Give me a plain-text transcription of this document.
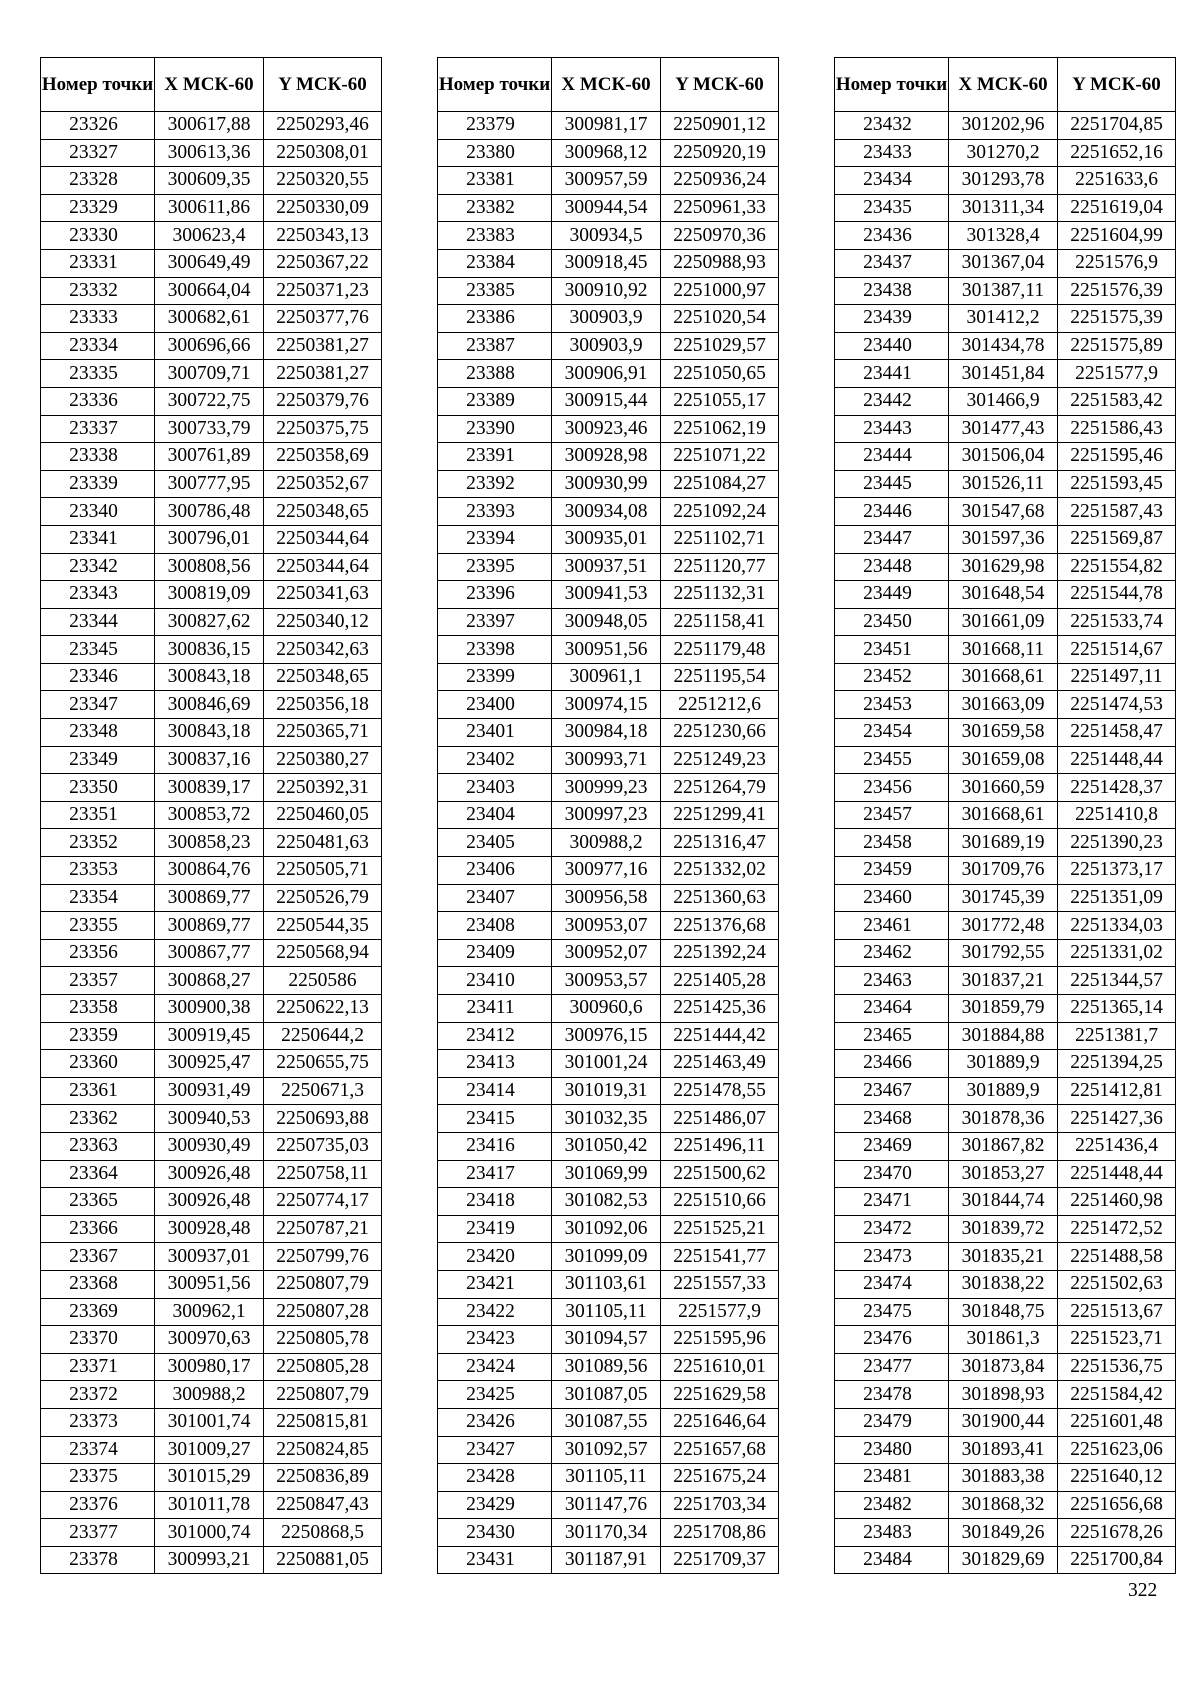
Номер точки	X МСК-60	Y МСК-60
23326	300617,88	2250293,46
23327	300613,36	2250308,01
23328	300609,35	2250320,55
23329	300611,86	2250330,09
23330	300623,4	2250343,13
23331	300649,49	2250367,22
23332	300664,04	2250371,23
23333	300682,61	2250377,76
23334	300696,66	2250381,27
23335	300709,71	2250381,27
23336	300722,75	2250379,76
23337	300733,79	2250375,75
23338	300761,89	2250358,69
23339	300777,95	2250352,67
23340	300786,48	2250348,65
23341	300796,01	2250344,64
23342	300808,56	2250344,64
23343	300819,09	2250341,63
23344	300827,62	2250340,12
23345	300836,15	2250342,63
23346	300843,18	2250348,65
23347	300846,69	2250356,18
23348	300843,18	2250365,71
23349	300837,16	2250380,27
23350	300839,17	2250392,31
23351	300853,72	2250460,05
23352	300858,23	2250481,63
23353	300864,76	2250505,71
23354	300869,77	2250526,79
23355	300869,77	2250544,35
23356	300867,77	2250568,94
23357	300868,27	2250586
23358	300900,38	2250622,13
23359	300919,45	2250644,2
23360	300925,47	2250655,75
23361	300931,49	2250671,3
23362	300940,53	2250693,88
23363	300930,49	2250735,03
23364	300926,48	2250758,11
23365	300926,48	2250774,17
23366	300928,48	2250787,21
23367	300937,01	2250799,76
23368	300951,56	2250807,79
23369	300962,1	2250807,28
23370	300970,63	2250805,78
23371	300980,17	2250805,28
23372	300988,2	2250807,79
23373	301001,74	2250815,81
23374	301009,27	2250824,85
23375	301015,29	2250836,89
23376	301011,78	2250847,43
23377	301000,74	2250868,5
23378	300993,21	2250881,05
Номер точки	X МСК-60	Y МСК-60
23379	300981,17	2250901,12
23380	300968,12	2250920,19
23381	300957,59	2250936,24
23382	300944,54	2250961,33
23383	300934,5	2250970,36
23384	300918,45	2250988,93
23385	300910,92	2251000,97
23386	300903,9	2251020,54
23387	300903,9	2251029,57
23388	300906,91	2251050,65
23389	300915,44	2251055,17
23390	300923,46	2251062,19
23391	300928,98	2251071,22
23392	300930,99	2251084,27
23393	300934,08	2251092,24
23394	300935,01	2251102,71
23395	300937,51	2251120,77
23396	300941,53	2251132,31
23397	300948,05	2251158,41
23398	300951,56	2251179,48
23399	300961,1	2251195,54
23400	300974,15	2251212,6
23401	300984,18	2251230,66
23402	300993,71	2251249,23
23403	300999,23	2251264,79
23404	300997,23	2251299,41
23405	300988,2	2251316,47
23406	300977,16	2251332,02
23407	300956,58	2251360,63
23408	300953,07	2251376,68
23409	300952,07	2251392,24
23410	300953,57	2251405,28
23411	300960,6	2251425,36
23412	300976,15	2251444,42
23413	301001,24	2251463,49
23414	301019,31	2251478,55
23415	301032,35	2251486,07
23416	301050,42	2251496,11
23417	301069,99	2251500,62
23418	301082,53	2251510,66
23419	301092,06	2251525,21
23420	301099,09	2251541,77
23421	301103,61	2251557,33
23422	301105,11	2251577,9
23423	301094,57	2251595,96
23424	301089,56	2251610,01
23425	301087,05	2251629,58
23426	301087,55	2251646,64
23427	301092,57	2251657,68
23428	301105,11	2251675,24
23429	301147,76	2251703,34
23430	301170,34	2251708,86
23431	301187,91	2251709,37
Номер точки	X МСК-60	Y МСК-60
23432	301202,96	2251704,85
23433	301270,2	2251652,16
23434	301293,78	2251633,6
23435	301311,34	2251619,04
23436	301328,4	2251604,99
23437	301367,04	2251576,9
23438	301387,11	2251576,39
23439	301412,2	2251575,39
23440	301434,78	2251575,89
23441	301451,84	2251577,9
23442	301466,9	2251583,42
23443	301477,43	2251586,43
23444	301506,04	2251595,46
23445	301526,11	2251593,45
23446	301547,68	2251587,43
23447	301597,36	2251569,87
23448	301629,98	2251554,82
23449	301648,54	2251544,78
23450	301661,09	2251533,74
23451	301668,11	2251514,67
23452	301668,61	2251497,11
23453	301663,09	2251474,53
23454	301659,58	2251458,47
23455	301659,08	2251448,44
23456	301660,59	2251428,37
23457	301668,61	2251410,8
23458	301689,19	2251390,23
23459	301709,76	2251373,17
23460	301745,39	2251351,09
23461	301772,48	2251334,03
23462	301792,55	2251331,02
23463	301837,21	2251344,57
23464	301859,79	2251365,14
23465	301884,88	2251381,7
23466	301889,9	2251394,25
23467	301889,9	2251412,81
23468	301878,36	2251427,36
23469	301867,82	2251436,4
23470	301853,27	2251448,44
23471	301844,74	2251460,98
23472	301839,72	2251472,52
23473	301835,21	2251488,58
23474	301838,22	2251502,63
23475	301848,75	2251513,67
23476	301861,3	2251523,71
23477	301873,84	2251536,75
23478	301898,93	2251584,42
23479	301900,44	2251601,48
23480	301893,41	2251623,06
23481	301883,38	2251640,12
23482	301868,32	2251656,68
23483	301849,26	2251678,26
23484	301829,69	2251700,84
322
